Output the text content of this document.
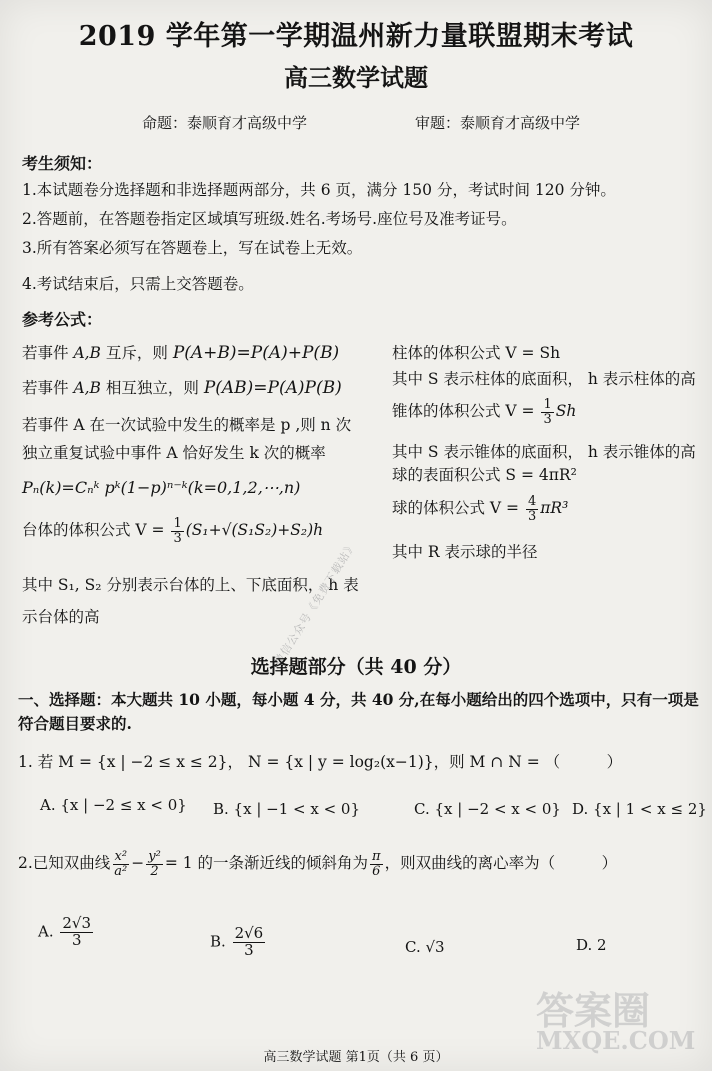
2019 学年第一学期温州新力量联盟期末考试
高三数学试题
命题：泰顺育才高级中学	审题：泰顺育才高级中学
考生须知：
1.本试题卷分选择题和非选择题两部分，共 6 页，满分 150 分，考试时间 120 分钟。
2.答题前，在答题卷指定区域填写班级.姓名.考场号.座位号及准考证号。
3.所有答案必须写在答题卷上，写在试卷上无效。
4.考试结束后，只需上交答题卷。
参考公式：
若事件 A,B 互斥，则 P(A+B)=P(A)+P(B)
若事件 A,B 相互独立，则 P(AB)=P(A)P(B)
若事件 A 在一次试验中发生的概率是 p ,则 n 次
独立重复试验中事件 A 恰好发生 k 次的概率
Pₙ(k)=Cₙᵏ pᵏ(1−p)ⁿ⁻ᵏ(k=0,1,2,⋯,n)
台体的体积公式 $V = \frac{1}{3} (S_1+√(S_1S_2)+S_2)h$
其中 S₁, S₂ 分别表示台体的上、下底面积， h 表
示台体的高
柱体的体积公式 V = Sh
其中 S 表示柱体的底面积， h 表示柱体的高
锥体的体积公式 $V = \frac{1}{3}$ Sh
其中 S 表示锥体的底面积， h 表示锥体的高
球的表面积公式 S = 4πR²
球的体积公式 $V = \frac{4}{3} \pi R^3$
其中 R 表示球的半径
微信公众号《免费下载站》
选择题部分（共 40 分）
一、选择题：本大题共 10 小题，每小题 4 分，共 40 分,在每小题给出的四个选项中，只有一项是
符合题目要求的.
1. 若 M = {x | −2 ≤ x ≤ 2}， N = {x | y = log₂(x−1)}，则 M ∩ N = （　　　）
A. {x | −2 ≤ x < 0} B. {x | −1 < x < 0}	C. {x | −2 < x < 0} D. {x | 1 < x ≤ 2}
2.已知双曲线 $\frac{\text{x²}}{\text{a²}} - \frac{\text{y²}}{2} = 1$ 的一条渐近线的倾斜角为 $\frac{\pi}{6}$ ，则双曲线的离心率为（　　　）
A. $\frac{2√3}{3}$	B. $\frac{2√6}{3}$	C. √3	D. 2
答案圈
MXQE.COM
高三数学试题 第1页（共 6 页）
